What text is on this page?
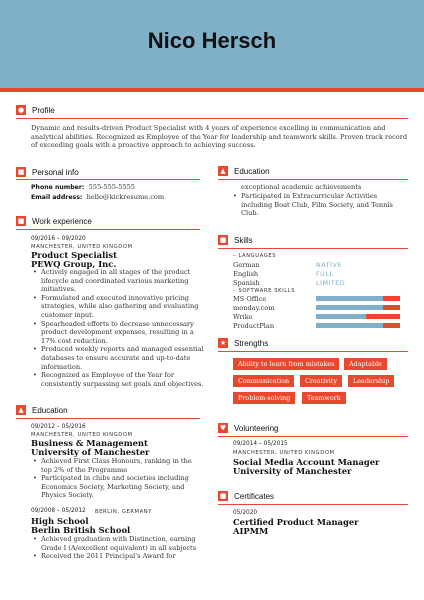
Nico Hersch
● Profile
Dynamic and results-driven Product Specialist with 4 years of experience excelling in communication and
analytical abilities. Recognized as Employee of the Year for leadership and teamwork skills. Proven track record
of exceeding goals with a proactive approach to achieving success.
■ Personal info
Phone number: 555-555-5555
Email address: hello@kickresume.com
■ Work experience
09/2016 – 09/2020
MANCHESTER, UNITED KINGDOM
Product Specialist
PEWQ Group, Inc.
• Actively engaged in all stages of the product
lifecycle and coordinated various marketing
initiatives.
• Formulated and executed innovative pricing
strategies, while also gathering and evaluating
customer input.
• Spearheaded efforts to decrease unnecessary
product development expenses, resulting in a
17% cost reduction.
• Produced weekly reports and managed essential
databases to ensure accurate and up-to-date
information.
• Recognized as Employee of the Year for
consistently surpassing set goals and objectives.
▲ Education
09/2012 – 05/2016
MANCHESTER, UNITED KINGDOM
Business & Management
University of Manchester
• Achieved First Class Honours, ranking in the
top 2% of the Programme
• Participated in clubs and societies including
Economics Society, Marketing Society, and
Physics Society.
09/2008 – 05/2012 BERLIN, GERMANY
High School
Berlin British School
• Achieved graduation with Distinction, earning
Grade I (A/excellent equivalent) in all subjects
• Received the 2011 Principal's Award for
▲ Education
exceptional academic achievements
• Participated in Extracurricular Activities
including Boat Club, Film Society, and Tennis
Club.
■ Skills
– LANGUAGES
German	NATIVE
English	FULL
Spanish	LIMITED
– SOFTWARE SKILLS
MS Office
monday.com
Wrike
ProductPlan
★ Strengths
Ability to learn from mistakes	Adaptable
Communication	Creativity	Leadership
Problem-solving	Teamwork
♥ Volunteering
09/2014 – 05/2015
MANCHESTER, UNITED KINGDOM
Social Media Account Manager
University of Manchester
■ Certificates
05/2020
Certified Product Manager
AIPMM
